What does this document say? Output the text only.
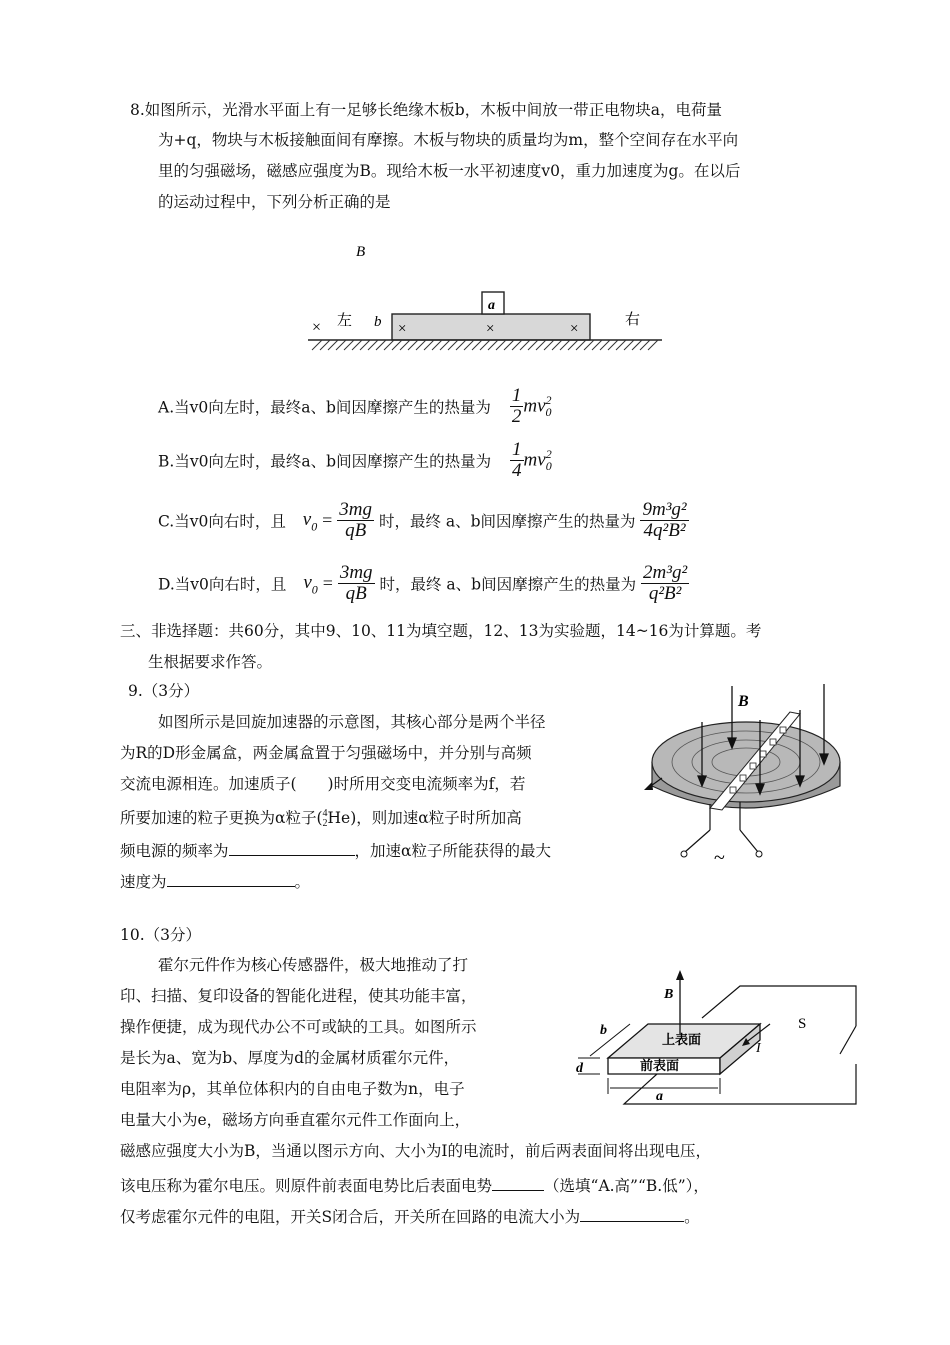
8.如图所示，光滑水平面上有一足够长绝缘木板b，木板中间放一带正电物块a，电荷量
为+q，物块与木板接触面间有摩擦。木板与物块的质量均为m，整个空间存在水平向
里的匀强磁场，磁感应强度为B。现给木板一水平初速度v0，重力加速度为g。在以后
的运动过程中，下列分析正确的是
B
× 左 b
a
×	×	×
右
A.当v0向左时，最终a、b间因摩擦产生的热量为 $\frac{1}{2}$ mv 2
0
B.当v0向左时，最终a、b间因摩擦产生的热量为 $\frac{1}{4}$ mv 2
0
C.当v0向右时，且 $v_0 = \frac{3mg}{qB}$ 时，最终 a、b间因摩擦产生的热量为 $\frac{\text{9m³g²}}{\text{4q²B²}}$
D.当v0向右时，且 $v_0 = \frac{3mg}{qB}$ 时，最终 a、b间因摩擦产生的热量为 $\frac{\text{2m³g²}}{\text{q²B²}}$
三、非选择题：共60分，其中9、10、11为填空题，12、13为实验题，14~16为计算题。考
生根据要求作答。
9.（3分）
如图所示是回旋加速器的示意图，其核心部分是两个半径
为R的D形金属盒，两金属盒置于匀强磁场中，并分别与高频
交流电源相连。加速质子(　　)时所用交变电流频率为f，若
所要加速的粒子更换为α粒子( 4
2 He)，则加速α粒子时所加高
频电源的频率为	，加速α粒子所能获得的最大
速度为	。
B
~
10.（3分）
霍尔元件作为核心传感器件，极大地推动了打
印、扫描、复印设备的智能化进程，使其功能丰富，
操作便捷，成为现代办公不可或缺的工具。如图所示
是长为a、宽为b、厚度为d的金属材质霍尔元件，
电阻率为ρ，其单位体积内的自由电子数为n，电子
电量大小为e，磁场方向垂直霍尔元件工作面向上，
磁感应强度大小为B，当通以图示方向、大小为I的电流时，前后两表面间将出现电压，
该电压称为霍尔电压。则原件前表面电势比后表面电势	（选填“A.高”“B.低”），
仅考虑霍尔元件的电阻，开关S闭合后，开关所在回路的电流大小为	。
S
上表面
前表面
B
I
b
d
a
